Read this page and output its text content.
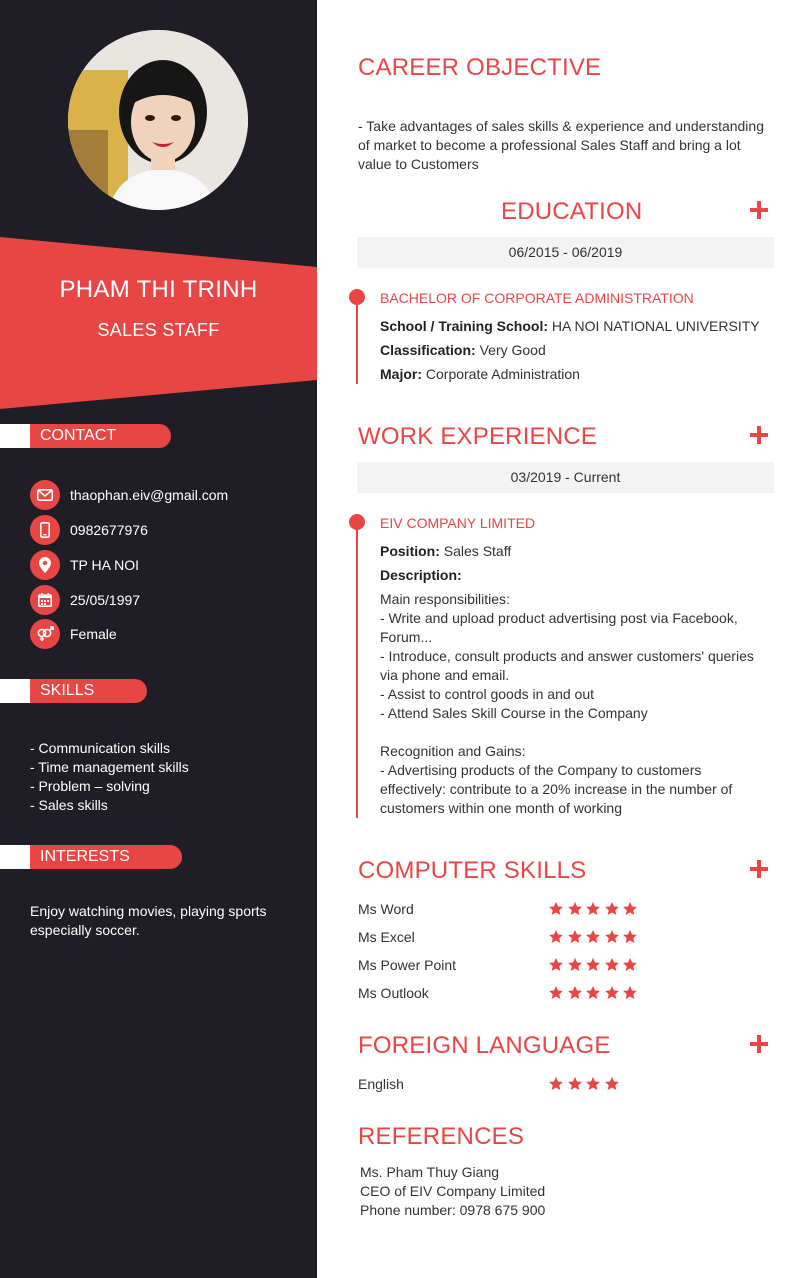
PHAM THI TRINH
SALES STAFF
CONTACT
thaophan.eiv@gmail.com
0982677976
TP HA NOI
25/05/1997
Female
SKILLS
- Communication skills
- Time management skills
- Problem – solving
- Sales skills
INTERESTS
Enjoy watching movies, playing sports especially soccer.
CAREER OBJECTIVE
- Take advantages of sales skills & experience and understanding of market to become a professional Sales Staff and bring a lot value to Customers
EDUCATION
06/2015 - 06/2019
BACHELOR OF CORPORATE ADMINISTRATION
School / Training School: HA NOI NATIONAL UNIVERSITY
Classification: Very Good
Major: Corporate Administration
WORK EXPERIENCE
03/2019 - Current
EIV COMPANY LIMITED
Position: Sales Staff
Description:
Main responsibilities:
- Write and upload product advertising post via Facebook, Forum...
- Introduce, consult products and answer customers' queries via phone and email.
- Assist to control goods in and out
- Attend Sales Skill Course in the Company
Recognition and Gains:
- Advertising products of the Company to customers effectively: contribute to a 20% increase in the number of customers within one month of working
COMPUTER SKILLS
Ms Word
Ms Excel
Ms Power Point
Ms Outlook
FOREIGN LANGUAGE
English
REFERENCES
Ms. Pham Thuy Giang
CEO of EIV Company Limited
Phone number: 0978 675 900
